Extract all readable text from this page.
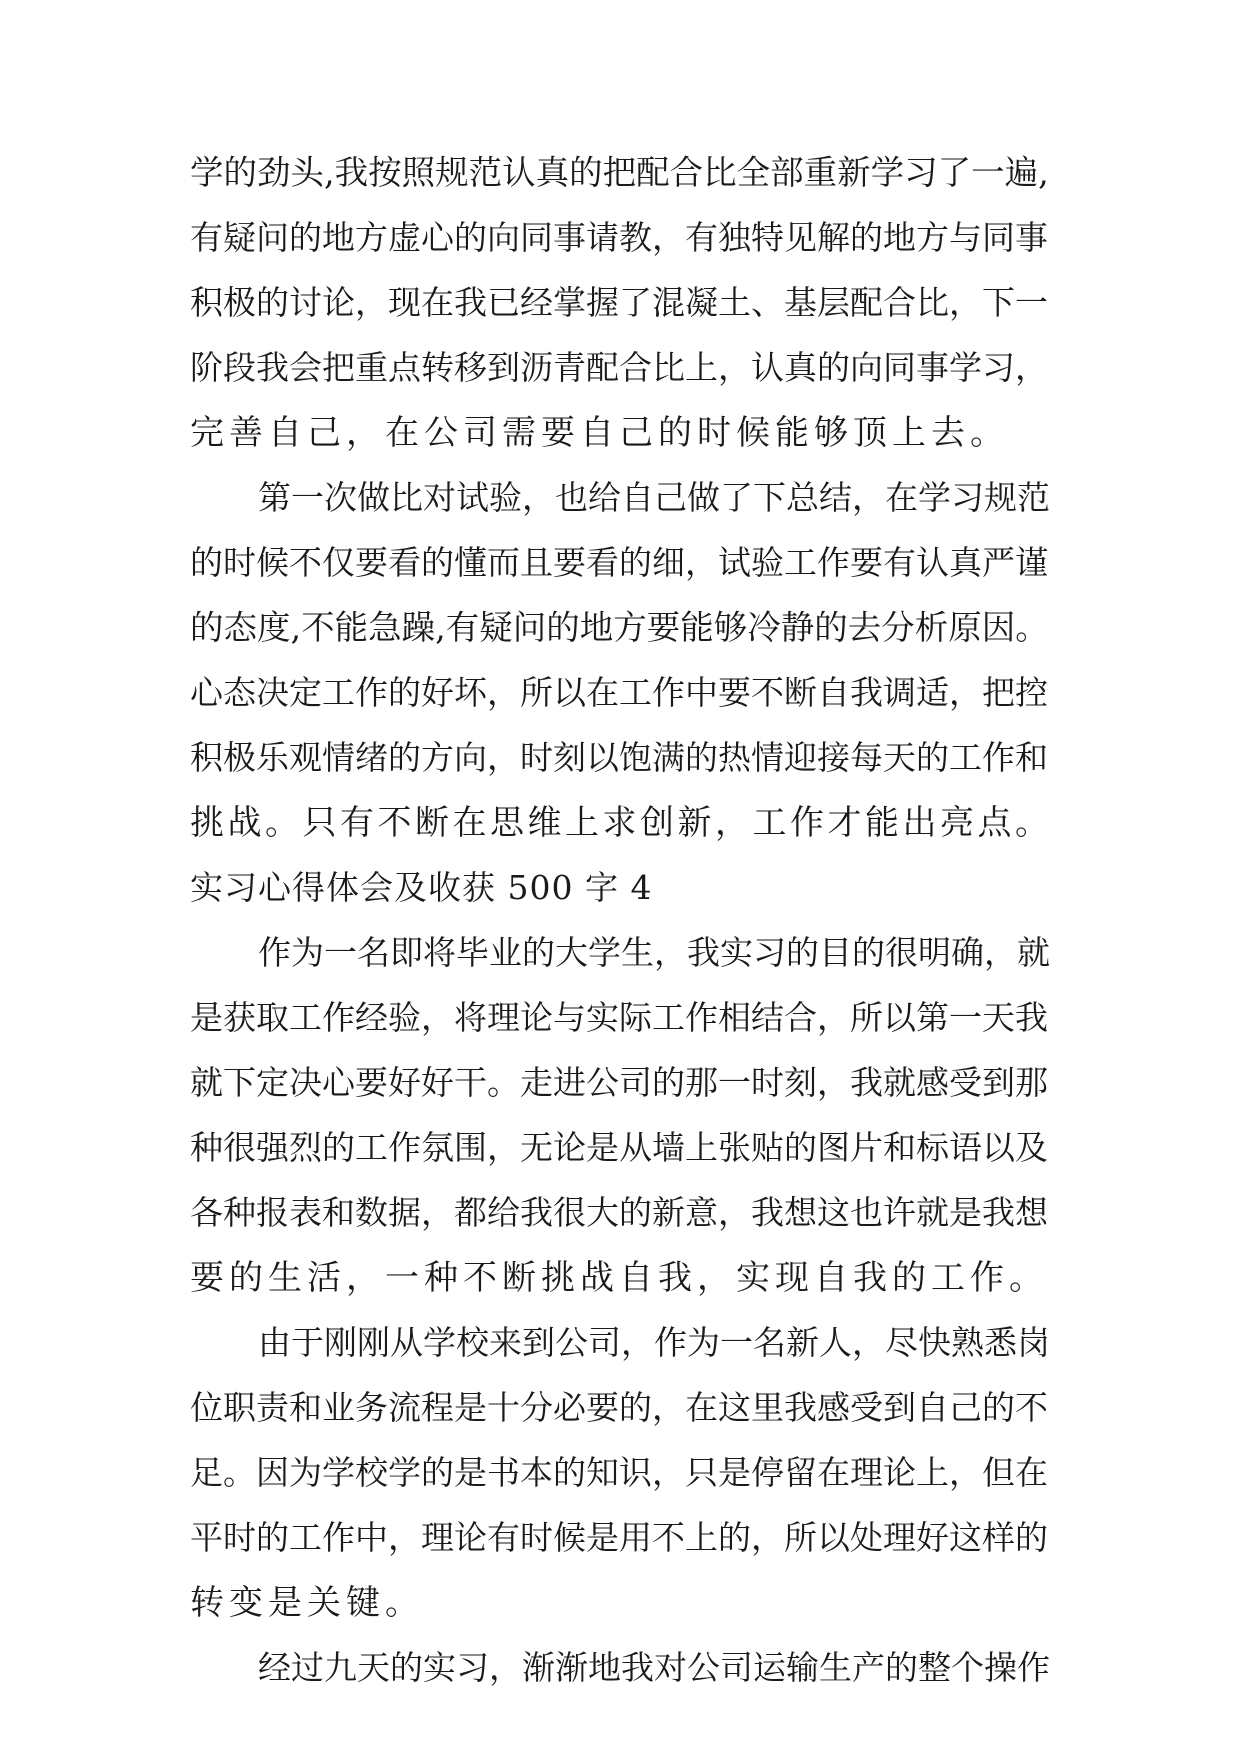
学的劲头,我按照规范认真的把配合比全部重新学习了一遍,
有疑问的地方虚心的向同事请教，有独特见解的地方与同事
积极的讨论，现在我已经掌握了混凝土、基层配合比，下一
阶段我会把重点转移到沥青配合比上，认真的向同事学习，
完善自己，在公司需要自己的时候能够顶上去。
第一次做比对试验，也给自己做了下总结，在学习规范
的时候不仅要看的懂而且要看的细，试验工作要有认真严谨
的态度,不能急躁,有疑问的地方要能够冷静的去分析原因。
心态决定工作的好坏，所以在工作中要不断自我调适，把控
积极乐观情绪的方向，时刻以饱满的热情迎接每天的工作和
挑战。只有不断在思维上求创新，工作才能出亮点。
实习心得体会及收获 500 字 4
作为一名即将毕业的大学生，我实习的目的很明确，就
是获取工作经验，将理论与实际工作相结合，所以第一天我
就下定决心要好好干。走进公司的那一时刻，我就感受到那
种很强烈的工作氛围，无论是从墙上张贴的图片和标语以及
各种报表和数据，都给我很大的新意，我想这也许就是我想
要的生活，一种不断挑战自我，实现自我的工作。
由于刚刚从学校来到公司，作为一名新人，尽快熟悉岗
位职责和业务流程是十分必要的，在这里我感受到自己的不
足。因为学校学的是书本的知识，只是停留在理论上，但在
平时的工作中，理论有时候是用不上的，所以处理好这样的
转变是关键。
经过九天的实习，渐渐地我对公司运输生产的整个操作
